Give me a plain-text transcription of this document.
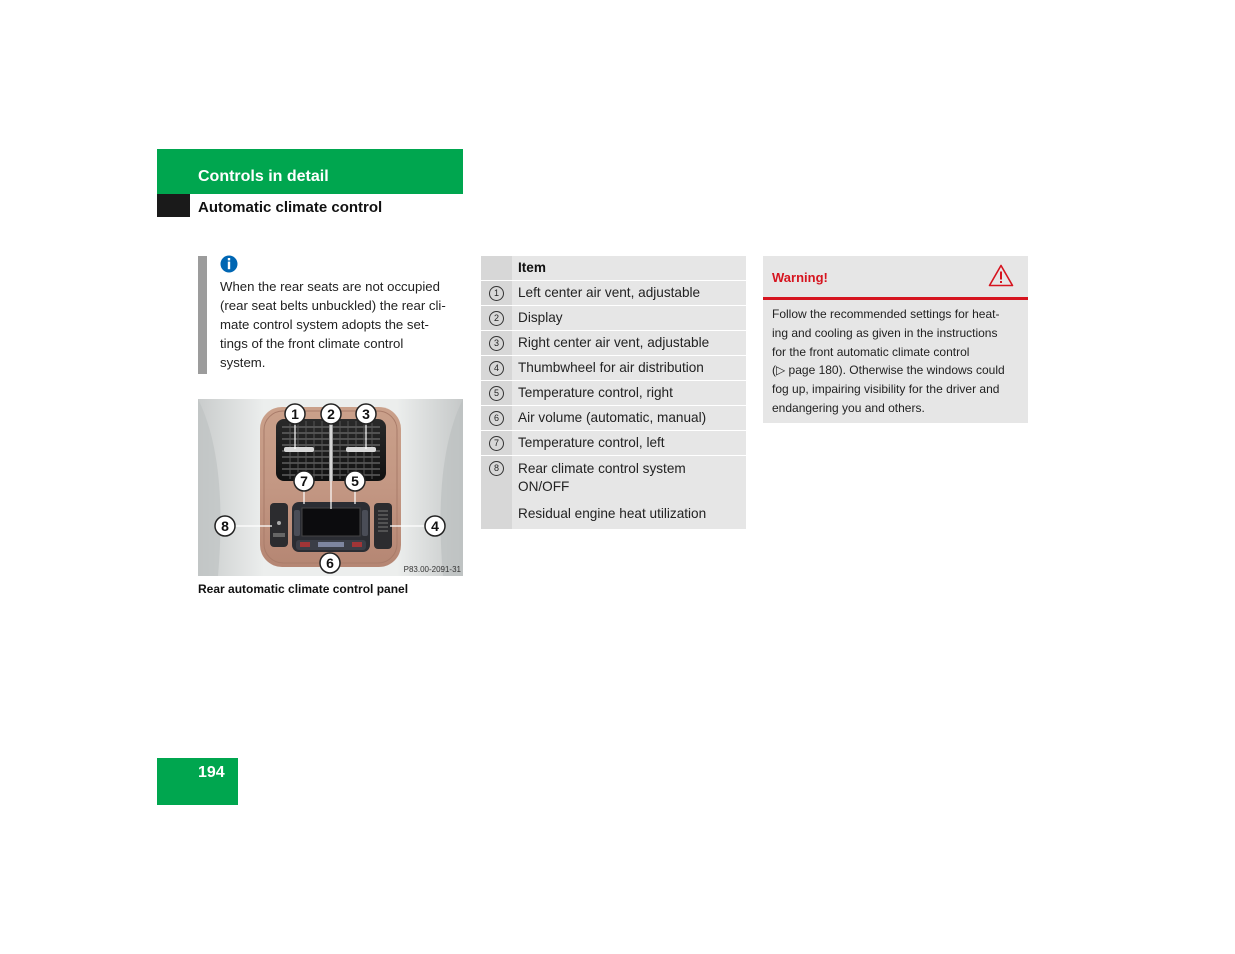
Controls in detail
Automatic climate control
When the rear seats are not occupied
(rear seat belts unbuckled) the rear cli-
mate control system adopts the set-
tings of the front climate control
system.
1 2 3
7	5
8	4
6	P83.00-2091-31
Rear automatic climate control panel
	Item
1	Left center air vent, adjustable
2	Display
3	Right center air vent, adjustable
4	Thumbwheel for air distribution
5	Temperature control, right
6	Air volume (automatic, manual)
7	Temperature control, left
8	Rear climate control system
ON/OFF
Residual engine heat utilization
Warning!
Follow the recommended settings for heat-
ing and cooling as given in the instructions
for the front automatic climate control
(▷ page 180). Otherwise the windows could
fog up, impairing visibility for the driver and
endangering you and others.
194
